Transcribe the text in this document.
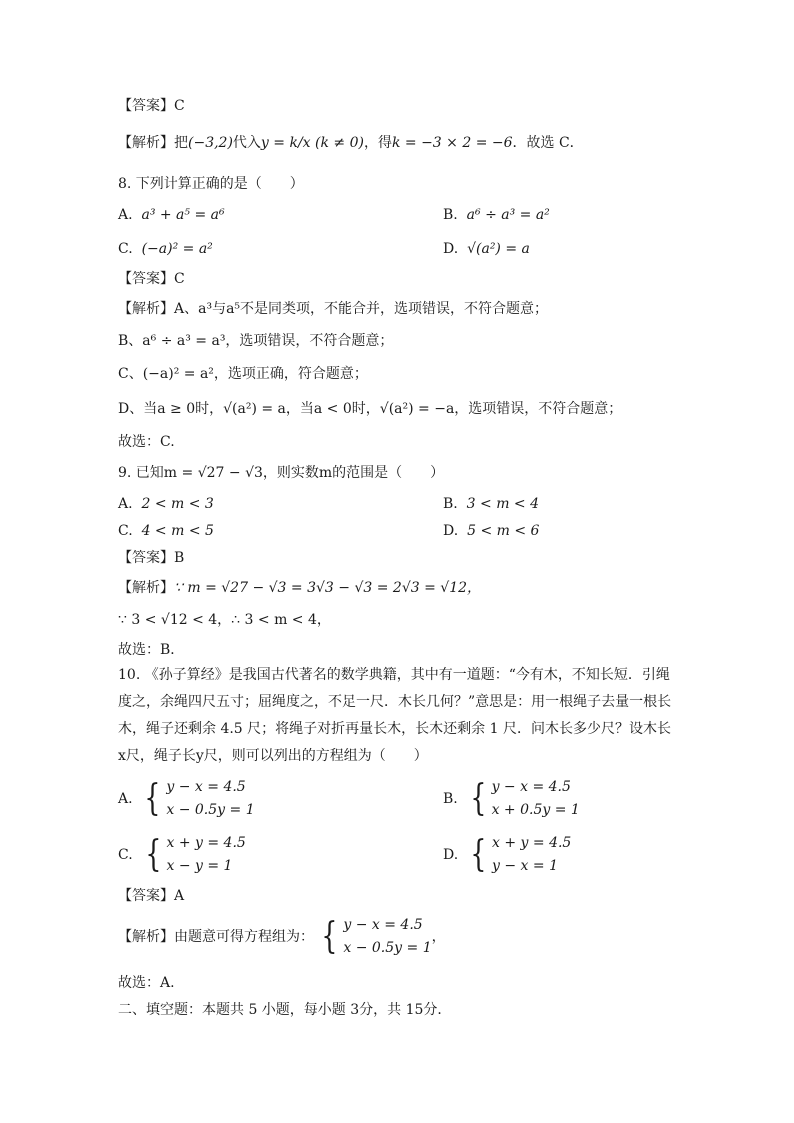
【答案】C
【解析】把(−3,2)代入y = k/x (k ≠ 0)，得k = −3 × 2 = −6．故选 C．
8. 下列计算正确的是（　　）
A. a³ + a⁵ = a⁶	B. a⁶ ÷ a³ = a²
C. (−a)² = a²	D. √(a²) = a
【答案】C
【解析】A、a³与a⁵不是同类项，不能合并，选项错误，不符合题意；
B、a⁶ ÷ a³ = a³，选项错误，不符合题意；
C、(−a)² = a²，选项正确，符合题意；
D、当a ≥ 0时，√(a²) = a，当a < 0时，√(a²) = −a，选项错误，不符合题意；
故选：C.
9. 已知m = √27 − √3，则实数m的范围是（　　）
A. 2 < m < 3	B. 3 < m < 4
C. 4 < m < 5	D. 5 < m < 6
【答案】B
【解析】∵ m = √27 − √3 = 3√3 − √3 = 2√3 = √12，
∵ 3 < √12 < 4，∴ 3 < m < 4，
故选：B．
10. 《孙子算经》是我国古代著名的数学典籍，其中有一道题：“今有木，不知长短．引绳
度之，余绳四尺五寸；屈绳度之，不足一尺．木长几何？”意思是：用一根绳子去量一根长
木，绳子还剩余 4.5 尺；将绳子对折再量长木，长木还剩余 1 尺．问木长多少尺？设木长
x尺，绳子长y尺，则可以列出的方程组为（　　）
A. { y − x = 4.5
x − 0.5y = 1
B. { y − x = 4.5
x + 0.5y = 1
C. { x + y = 4.5
x − y = 1
D. { x + y = 4.5
y − x = 1
【答案】A
【解析】由题意可得方程组为： { y − x = 4.5
x − 0.5y = 1
，
故选：A.
二、填空题：本题共 5 小题，每小题 3分，共 15分．
